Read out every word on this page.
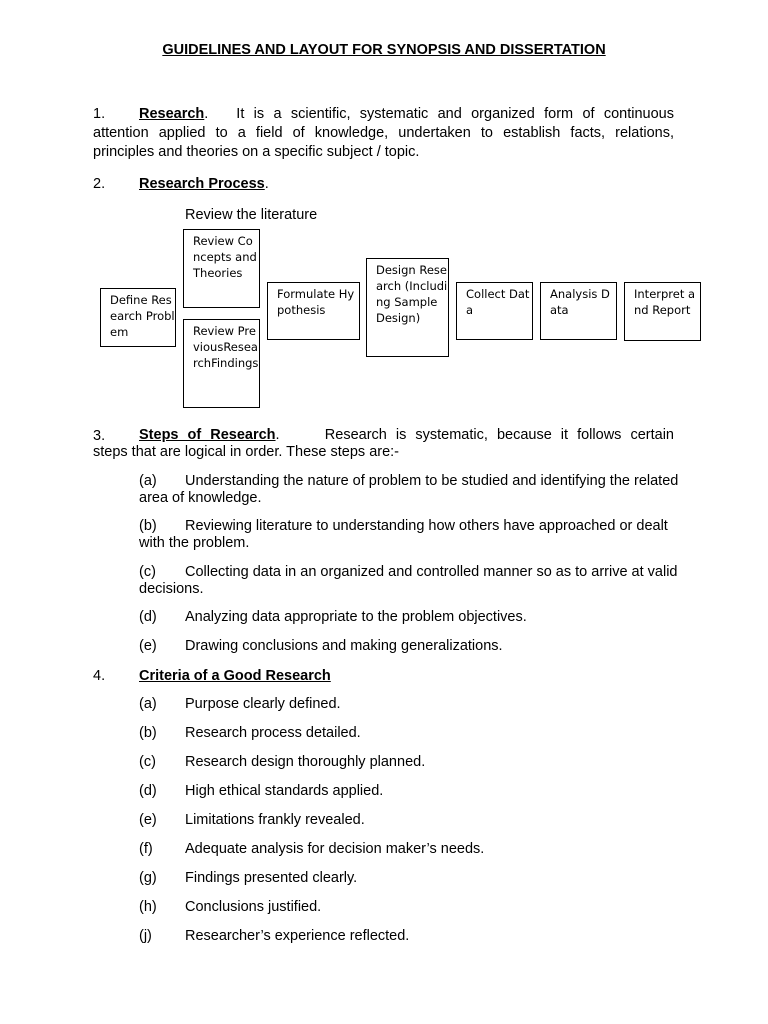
GUIDELINES AND LAYOUT FOR SYNOPSIS AND DISSERTATION
1.	Research. It is a scientific, systematic and organized form of continuous
attention applied to a field of knowledge, undertaken to establish facts, relations,
principles and theories on a specific subject / topic.
2. Research Process.
Review the literature
Define Research Problem
Review Concepts and Theories
Review PreviousResearchFindings
Formulate Hypothesis
Design Research (Including Sample Design)
Collect Data
Analysis Data
Interpret and Report
3.	Steps of Research.	Research is systematic, because it follows certain
steps that are logical in order. These steps are:-
(a)	Understanding the nature of problem to be studied and identifying the related area of knowledge.
(b)	Reviewing literature to understanding how others have approached or dealt with the problem.
(c)	Collecting data in an organized and controlled manner so as to arrive at valid decisions.
(d)	Analyzing data appropriate to the problem objectives.
(e)	Drawing conclusions and making generalizations.
4. Criteria of a Good Research
(a)	Purpose clearly defined.
(b)	Research process detailed.
(c)	Research design thoroughly planned.
(d)	High ethical standards applied.
(e)	Limitations frankly revealed.
(f)	Adequate analysis for decision maker’s needs.
(g)	Findings presented clearly.
(h)	Conclusions justified.
(j)	Researcher’s experience reflected.
